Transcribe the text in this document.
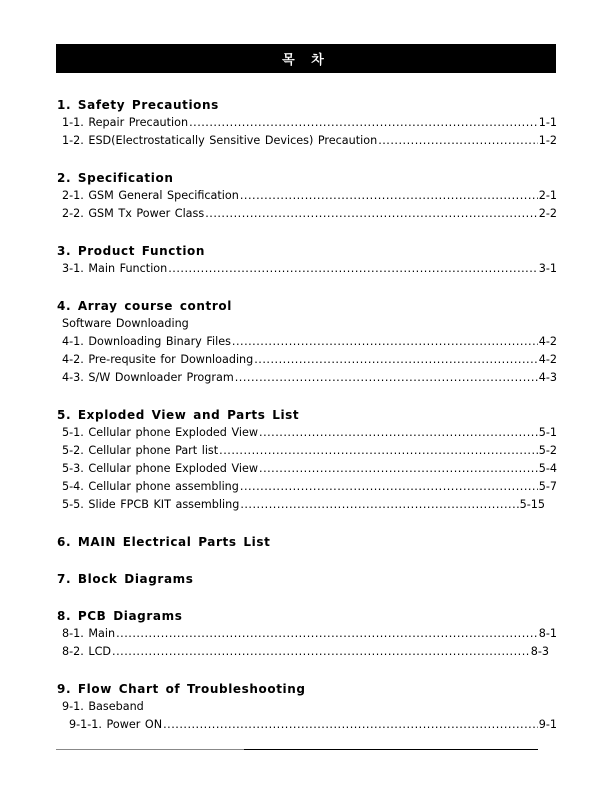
목 차
1. Safety Precautions
1-1. Repair Precaution .....	1-1
1-2. ESD(Electrostatically Sensitive Devices) Precaution .....	1-2
2. Specification
2-1. GSM General Specification .....	2-1
2-2. GSM Tx Power Class .....	2-2
3. Product Function
3-1. Main Function .....	3-1
4. Array course control
Software Downloading
4-1. Downloading Binary Files .....	4-2
4-2. Pre-requsite for Downloading .....	4-2
4-3. S/W Downloader Program .....	4-3
5. Exploded View and Parts List
5-1. Cellular phone Exploded View .....	5-1
5-2. Cellular phone Part list .....	5-2
5-3. Cellular phone Exploded View .....	5-4
5-4. Cellular phone assembling .....	5-7
5-5. Slide FPCB KIT assembling .....	5-15
6. MAIN Electrical Parts List
7. Block Diagrams
8. PCB Diagrams
8-1. Main .....	8-1
8-2. LCD .....	8-3
9. Flow Chart of Troubleshooting
9-1. Baseband
9-1-1. Power ON .....	9-1
